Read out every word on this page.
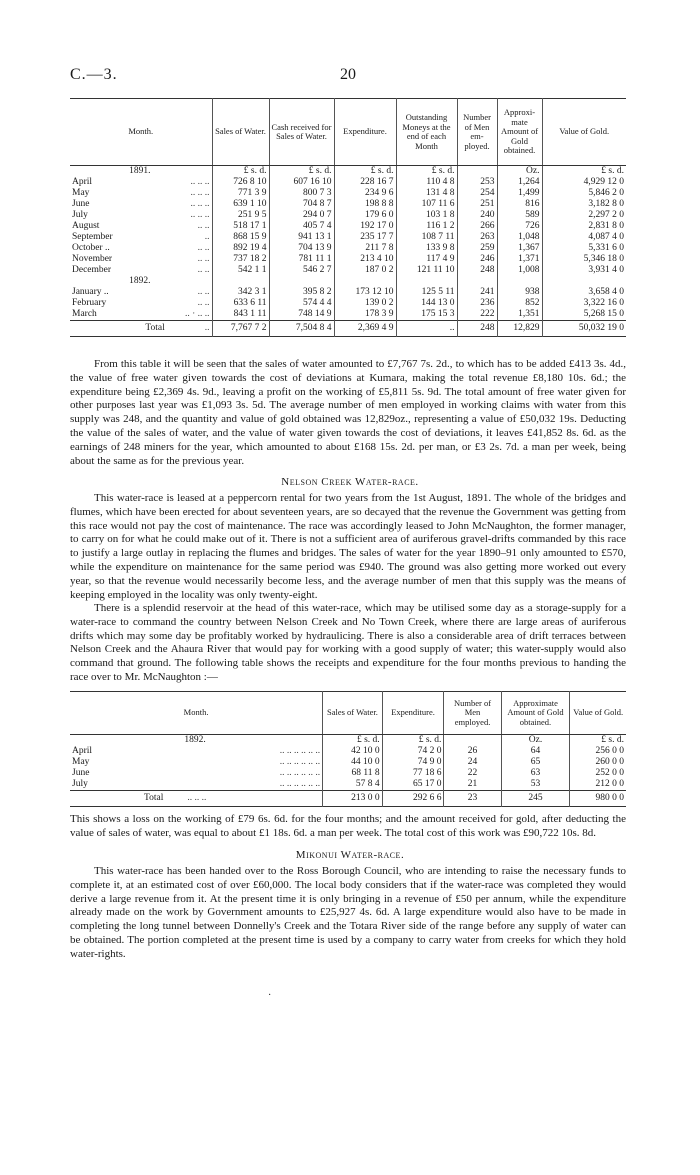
C.—3.	20
Month.	Sales of Water.	Cash received for Sales of Water.	Expenditure.	Outstanding Moneys at the end of each Month	Number of Men em-ployed.	Approxi-mate Amount of Gold obtained.	Value of Gold.
1891.	£ s. d.	£ s. d.	£ s. d.	£ s. d.		Oz.	£ s. d.

April	.. .. ..	726 8 10	607 16 10	228 16 7	110 4 8	253	1,264	4,929 12 0

May	.. .. ..	771 3 9	800 7 3	234 9 6	131 4 8	254	1,499	5,846 2 0

June	.. .. ..	639 1 10	704 8 7	198 8 8	107 11 6	251	816	3,182 8 0

July	.. .. ..	251 9 5	294 0 7	179 6 0	103 1 8	240	589	2,297 2 0

August	.. ..	518 17 1	405 7 4	192 17 0	116 1 2	266	726	2,831 8 0

September	..	868 15 9	941 13 1	235 17 7	108 7 11	263	1,048	4,087 4 0

October ..	.. ..	892 19 4	704 13 9	211 7 8	133 9 8	259	1,367	5,331 6 0

November	.. ..	737 18 2	781 11 1	213 4 10	117 4 9	246	1,371	5,346 18 0

December	.. ..	542 1 1	546 2 7	187 0 2	121 11 10	248	1,008	3,931 4 0
1892.							

January ..	.. ..	342 3 1	395 8 2	173 12 10	125 5 11	241	938	3,658 4 0

February	.. ..	633 6 11	574 4 4	139 0 2	144 13 0	236	852	3,322 16 0

March	.. · .. ..	843 1 11	748 14 9	178 3 9	175 15 3	222	1,351	5,268 15 0
Total ..	7,767 7 2	7,504 8 4	2,369 4 9	..	248	12,829	50,032 19 0
From this table it will be seen that the sales of water amounted to £7,767 7s. 2d., to which has to be added £413 3s. 4d., the value of free water given towards the cost of deviations at Kumara, making the total revenue £8,180 10s. 6d.; the expenditure being £2,369 4s. 9d., leaving a profit on the working of £5,811 5s. 9d. The total amount of free water given for other purposes last year was £1,093 3s. 5d. The average number of men employed in working claims with water from this supply was 248, and the quantity and value of gold obtained was 12,829oz., representing a value of £50,032 19s. Deducting the value of the sales of water, and the value of water given towards the cost of deviations, it leaves £41,852 8s. 6d. as the earnings of 248 miners for the year, which amounted to about £168 15s. 2d. per man, or £3 2s. 7d. a man per week, being about the same as for the previous year.
Nelson Creek Water-race.
This water-race is leased at a peppercorn rental for two years from the 1st August, 1891. The whole of the bridges and flumes, which have been erected for about seventeen years, are so decayed that the revenue the Government was getting from this race would not pay the cost of maintenance. The race was accordingly leased to John McNaughton, the former manager, to carry on for what he could make out of it. There is not a sufficient area of auriferous gravel-drifts commanded by this race to justify a large outlay in replacing the flumes and bridges. The sales of water for the year 1890–91 only amounted to £570, while the expenditure on maintenance for the same period was £940. The ground was also getting more worked out every year, so that the revenue would necessarily become less, and the average number of men that this supply was the means of keeping employed in the locality was only twenty-eight.
There is a splendid reservoir at the head of this water-race, which may be utilised some day as a storage-supply for a water-race to command the country between Nelson Creek and No Town Creek, where there are large areas of auriferous drifts which may some day be profitably worked by hydraulicing. There is also a considerable area of drift terraces between Nelson Creek and the Ahaura River that would pay for working with a good supply of water; this water-supply would also command that ground. The following table shows the receipts and expenditure for the four months previous to handing the race over to Mr. McNaughton :—
Month.	Sales of Water.	Expenditure.	Number of Men employed.	Approximate Amount of Gold obtained.	Value of Gold.
1892.	£ s. d.	£ s. d.		Oz.	£ s. d.

April	.. .. .. .. .. ..	42 10 0	74 2 0	26	64	256 0 0

May	.. .. .. .. .. ..	44 10 0	74 9 0	24	65	260 0 0

June	.. .. .. .. .. ..	68 11 8	77 18 6	22	63	252 0 0

July	.. .. .. .. .. ..	57 8 4	65 17 0	21	53	212 0 0
Total .. .. ..	213 0 0	292 6 6	23	245	980 0 0
This shows a loss on the working of £79 6s. 6d. for the four months; and the amount received for gold, after deducting the value of sales of water, was equal to about £1 18s. 6d. a man per week. The total cost of this work was £90,722 10s. 8d.
Mikonui Water-race.
This water-race has been handed over to the Ross Borough Council, who are intending to raise the necessary funds to complete it, at an estimated cost of over £60,000. The local body considers that if the water-race was completed they would derive a large revenue from it. At the present time it is only bringing in a revenue of £50 per annum, while the expenditure already made on the work by Government amounts to £25,927 4s. 6d. A large expenditure would also have to be made in completing the long tunnel between Donnelly's Creek and the Totara River side of the range before any supply of water can be obtained. The portion completed at the present time is used by a company to carry water from creeks for which they hold water-rights.
·
